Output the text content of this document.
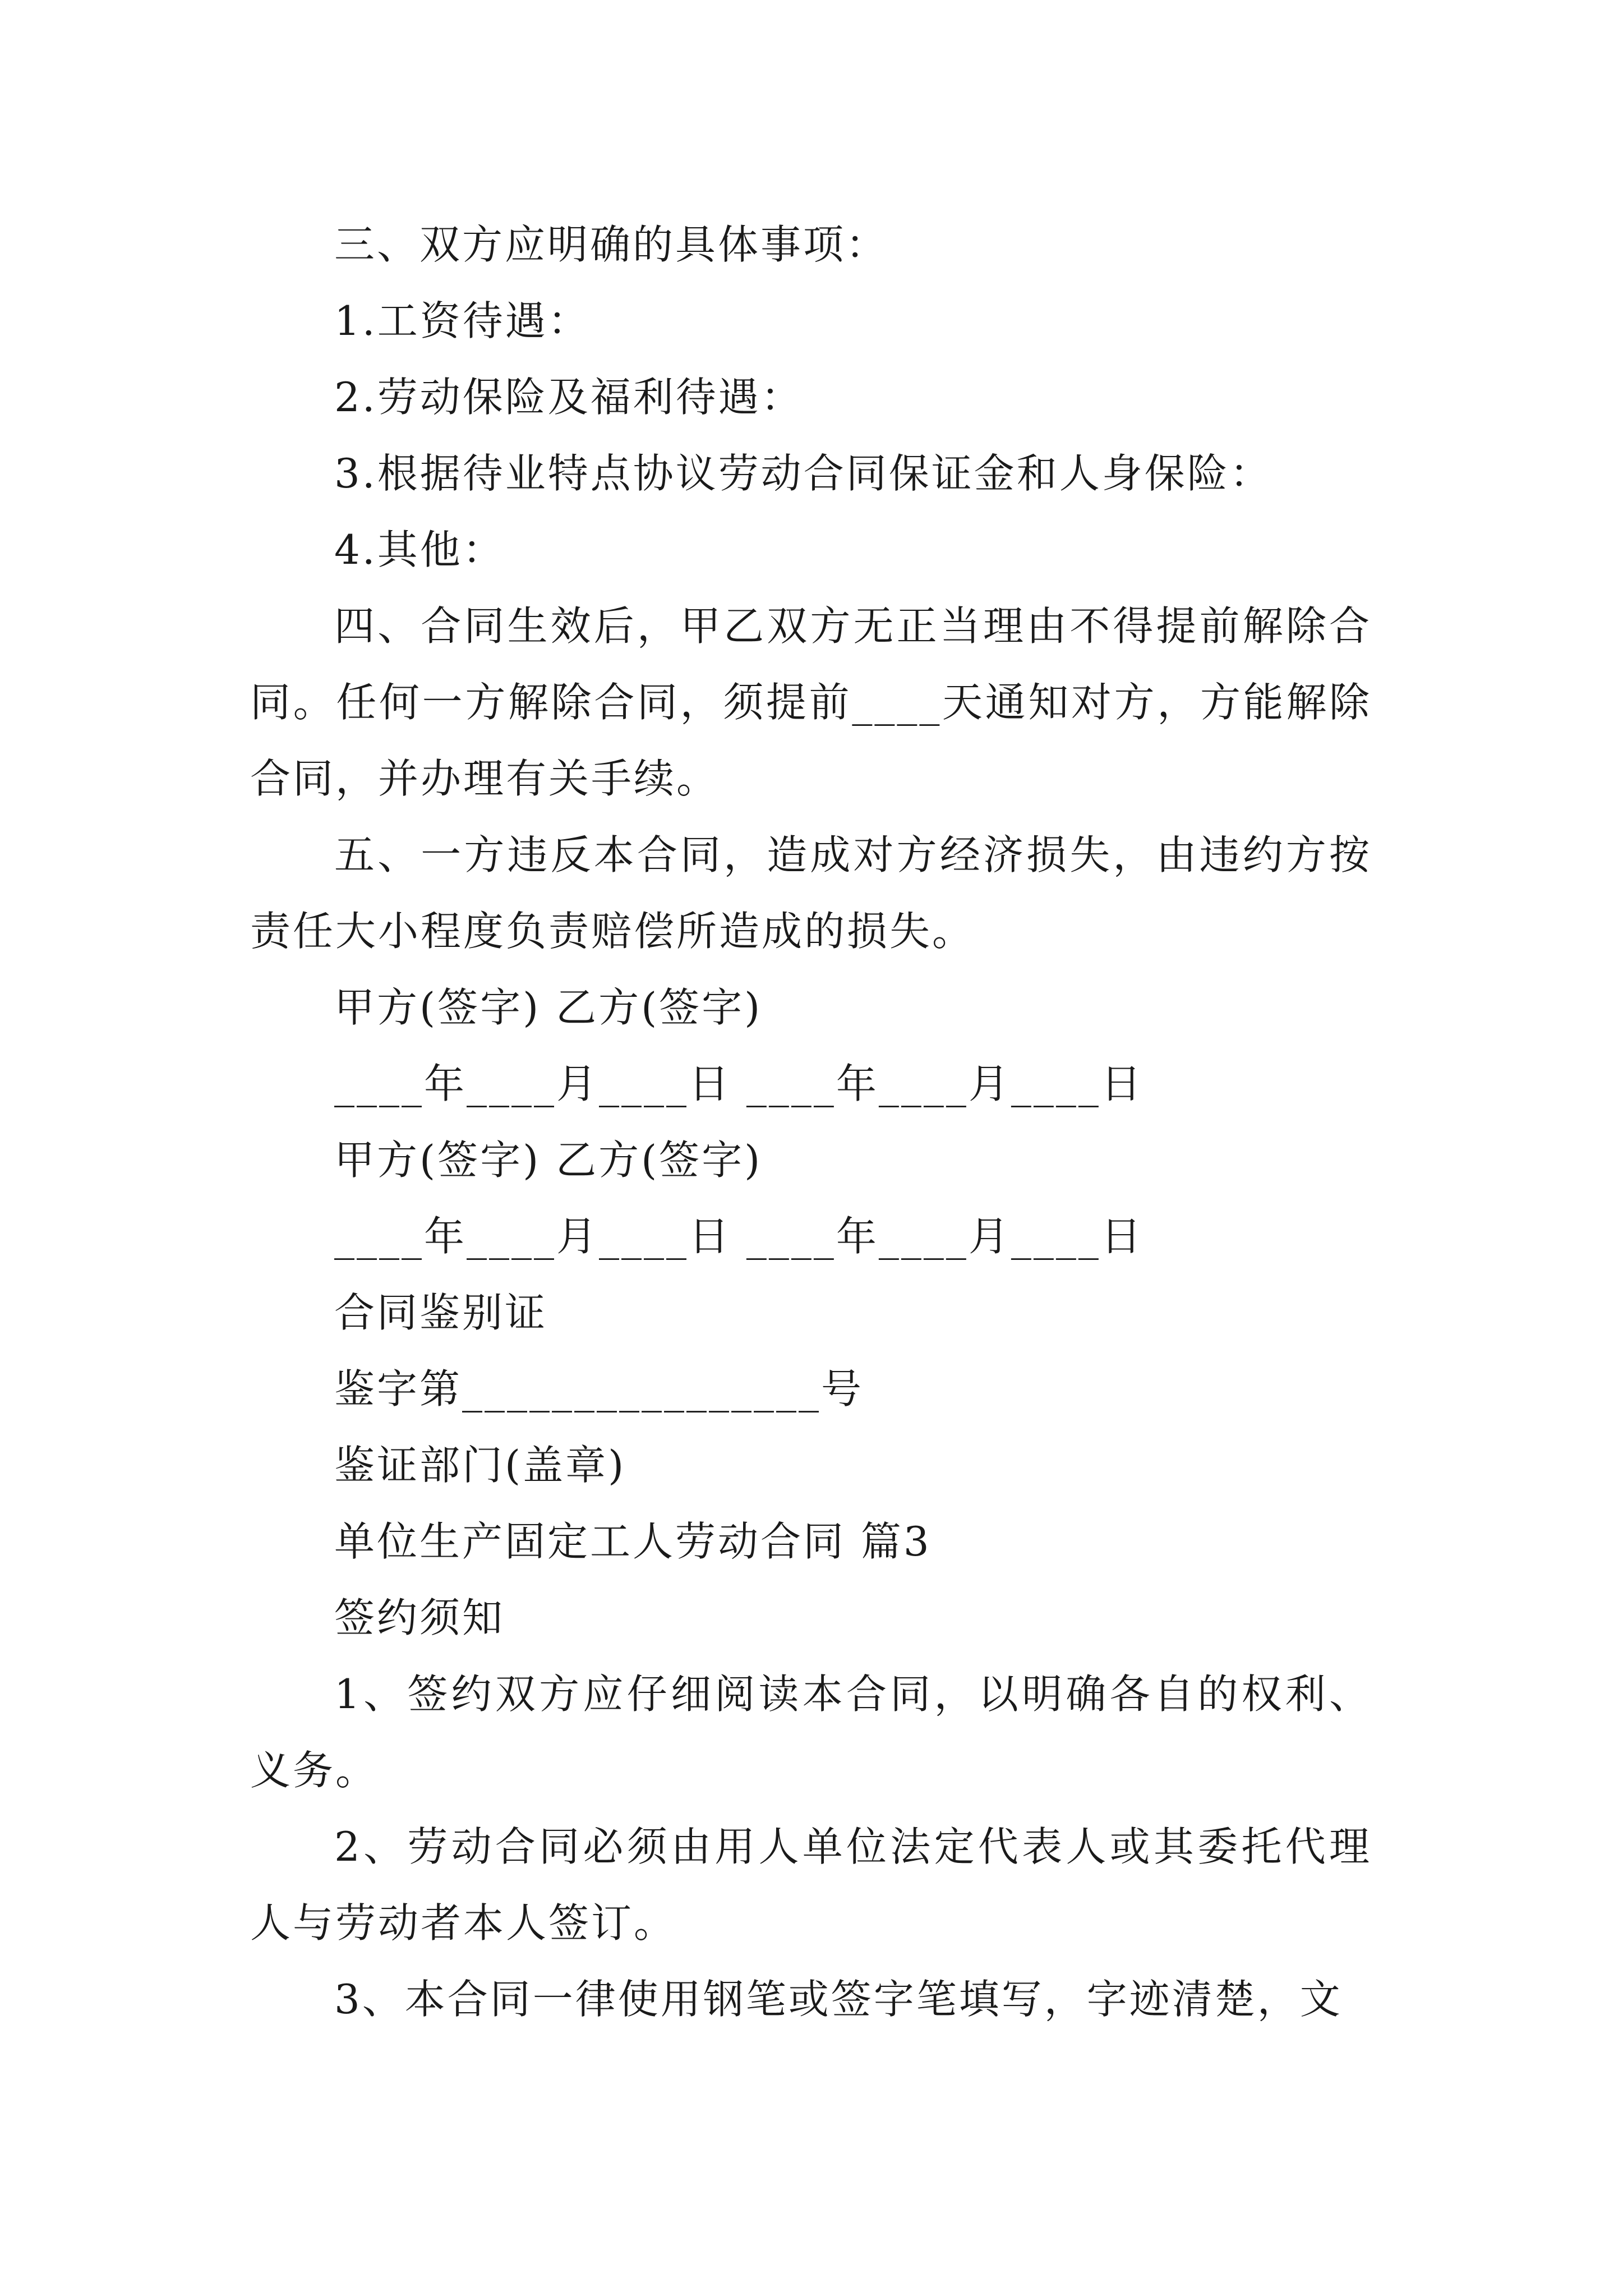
三、双方应明确的具体事项：
1.工资待遇：
2.劳动保险及福利待遇：
3.根据待业特点协议劳动合同保证金和人身保险：
4.其他：
四、合同生效后，甲乙双方无正当理由不得提前解除合同。任何一方解除合同，须提前____天通知对方，方能解除合同，并办理有关手续。
五、一方违反本合同，造成对方经济损失，由违约方按责任大小程度负责赔偿所造成的损失。
甲方(签字) 乙方(签字)
____年____月____日 ____年____月____日
甲方(签字) 乙方(签字)
____年____月____日 ____年____月____日
合同鉴别证
鉴字第________________号
鉴证部门(盖章)
单位生产固定工人劳动合同 篇3
签约须知
1、签约双方应仔细阅读本合同，以明确各自的权利、义务。
2、劳动合同必须由用人单位法定代表人或其委托代理人与劳动者本人签订。
3、本合同一律使用钢笔或签字笔填写，字迹清楚，文
